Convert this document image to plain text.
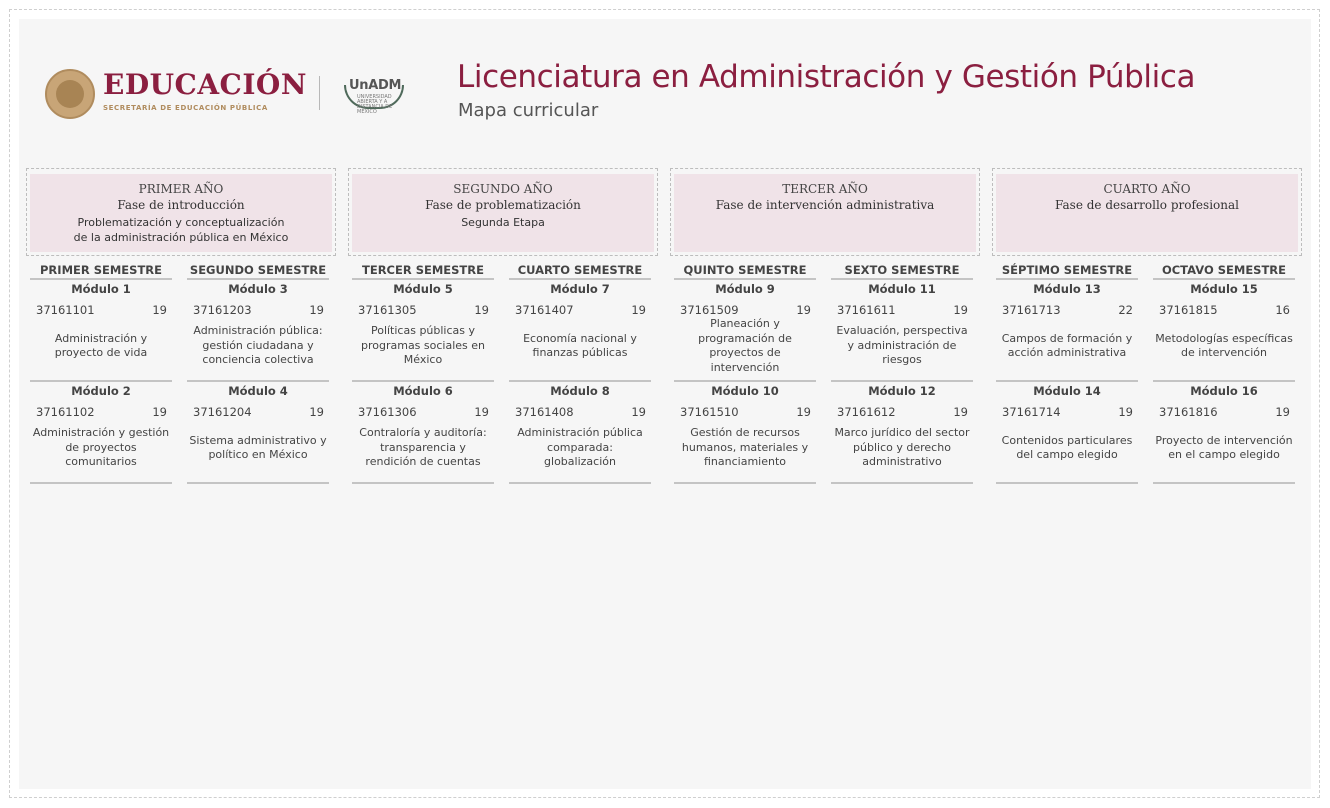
EDUCACIÓN
SECRETARÍA DE EDUCACIÓN PÚBLICA
UnADM
UNIVERSIDAD ABIERTA Y A DISTANCIA DE MÉXICO
Licenciatura en Administración y Gestión Pública
Mapa curricular
PRIMER AÑO
Fase de introducción
Problematización y conceptualización
de la administración pública en México
SEGUNDO AÑO
Fase de problematización
Segunda Etapa
TERCER AÑO
Fase de intervención administrativa
CUARTO AÑO
Fase de desarrollo profesional
PRIMER SEMESTRE
Módulo 1
37161101	19
Administración y proyecto de vida
Módulo 2
37161102	19
Administración y gestión de proyectos comunitarios
SEGUNDO SEMESTRE
Módulo 3
37161203	19
Administración pública: gestión ciudadana y conciencia colectiva
Módulo 4
37161204	19
Sistema administrativo y político en México
TERCER SEMESTRE
Módulo 5
37161305	19
Políticas públicas y programas sociales en México
Módulo 6
37161306	19
Contraloría y auditoría: transparencia y rendición de cuentas
CUARTO SEMESTRE
Módulo 7
37161407	19
Economía nacional y finanzas públicas
Módulo 8
37161408	19
Administración pública comparada: globalización
QUINTO SEMESTRE
Módulo 9
37161509	19
Planeación y programación de proyectos de intervención
Módulo 10
37161510	19
Gestión de recursos humanos, materiales y financiamiento
SEXTO SEMESTRE
Módulo 11
37161611	19
Evaluación, perspectiva y administración de riesgos
Módulo 12
37161612	19
Marco jurídico del sector público y derecho administrativo
SÉPTIMO SEMESTRE
Módulo 13
37161713	22
Campos de formación y acción administrativa
Módulo 14
37161714	19
Contenidos particulares del campo elegido
OCTAVO SEMESTRE
Módulo 15
37161815	16
Metodologías específicas de intervención
Módulo 16
37161816	19
Proyecto de intervención en el campo elegido
